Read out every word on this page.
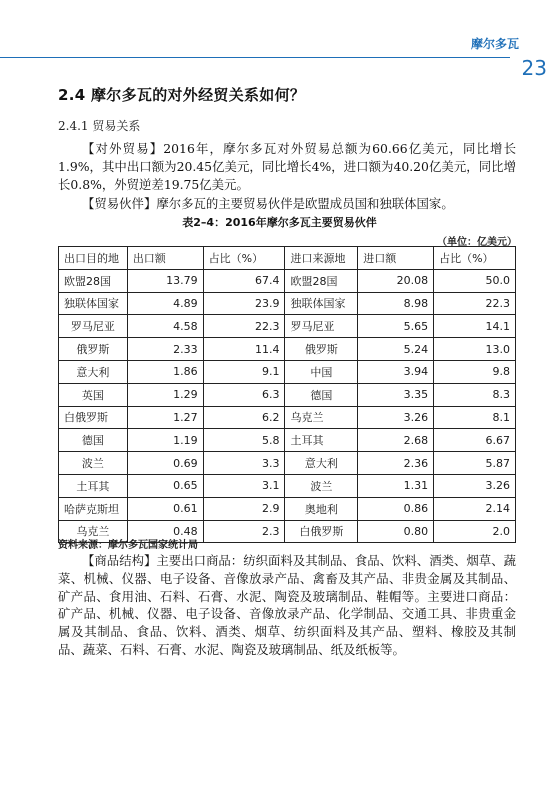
摩尔多瓦
23
2.4 摩尔多瓦的对外经贸关系如何？
2.4.1 贸易关系

【对外贸易】2016年，摩尔多瓦对外贸易总额为60.66亿美元，同比增长1.9%，其中出口额为20.45亿美元，同比增长4%，进口额为40.20亿美元，同比增长0.8%，外贸逆差19.75亿美元。

【贸易伙伴】摩尔多瓦的主要贸易伙伴是欧盟成员国和独联体国家。

表2–4：2016年摩尔多瓦主要贸易伙伴
（单位：亿美元）
出口目的地	出口额	占比（%）	进口来源地	进口额	占比（%）
欧盟28国	13.79	67.4	欧盟28国	20.08	50.0
独联体国家	4.89	23.9	独联体国家	8.98	22.3
罗马尼亚	4.58	22.3	罗马尼亚	5.65	14.1
俄罗斯	2.33	11.4	俄罗斯	5.24	13.0
意大利	1.86	9.1	中国	3.94	9.8
英国	1.29	6.3	德国	3.35	8.3
白俄罗斯	1.27	6.2	乌克兰	3.26	8.1
德国	1.19	5.8	土耳其	2.68	6.67
波兰	0.69	3.3	意大利	2.36	5.87
土耳其	0.65	3.1	波兰	1.31	3.26
哈萨克斯坦	0.61	2.9	奥地利	0.86	2.14
乌克兰	0.48	2.3	白俄罗斯	0.80	2.0
资料来源：摩尔多瓦国家统计局

【商品结构】主要出口商品：纺织面料及其制品、食品、饮料、酒类、烟草、蔬菜、机械、仪器、电子设备、音像放录产品、禽畜及其产品、非贵金属及其制品、矿产品、食用油、石料、石膏、水泥、陶瓷及玻璃制品、鞋帽等。主要进口商品：矿产品、机械、仪器、电子设备、音像放录产品、化学制品、交通工具、非贵重金属及其制品、食品、饮料、酒类、烟草、纺织面料及其产品、塑料、橡胶及其制品、蔬菜、石料、石膏、水泥、陶瓷及玻璃制品、纸及纸板等。
